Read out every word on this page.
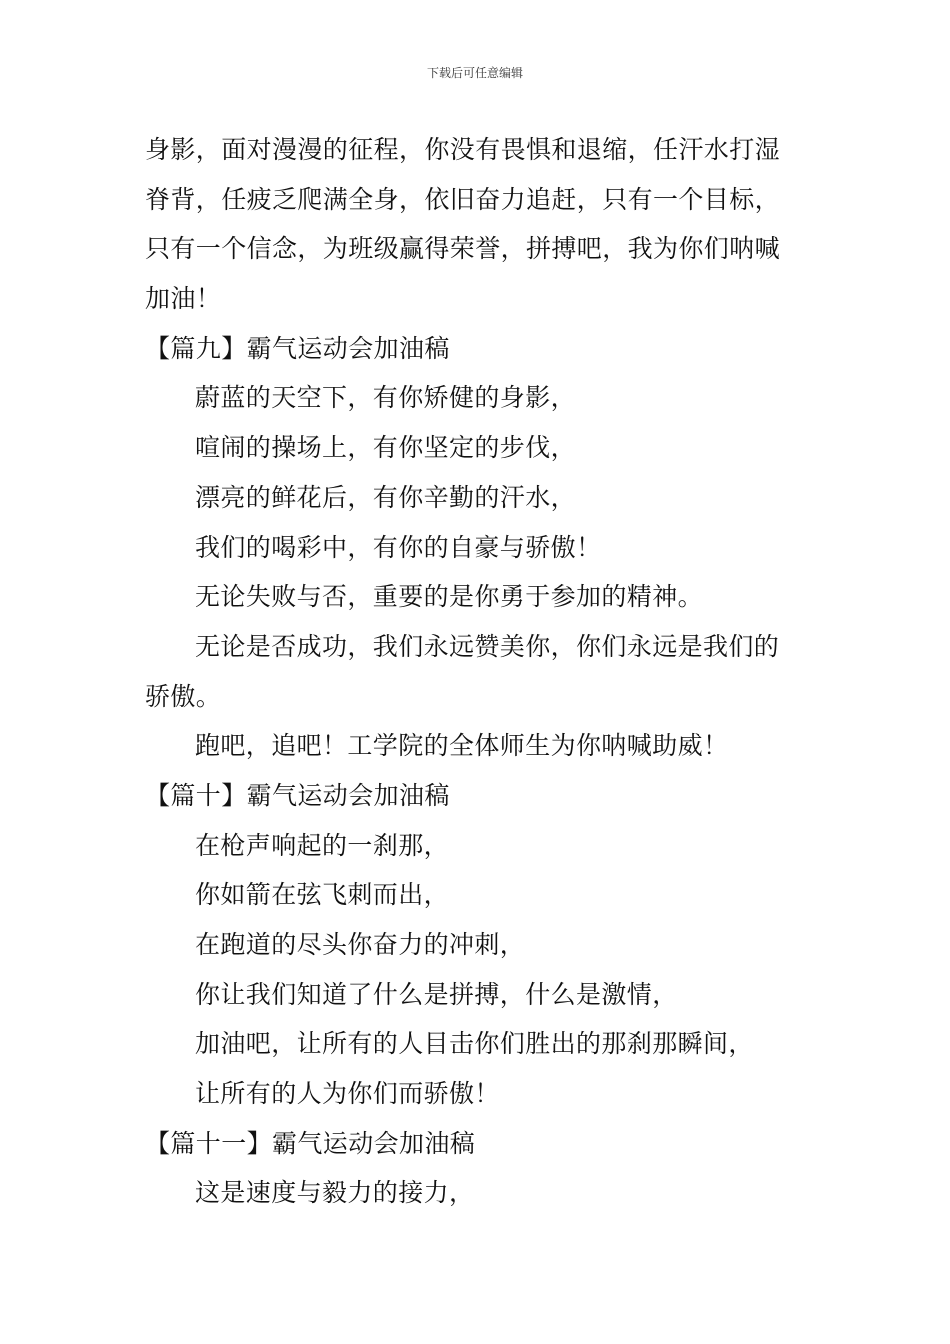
下载后可任意编辑
身影，面对漫漫的征程，你没有畏惧和退缩，任汗水打湿
脊背，任疲乏爬满全身，依旧奋力追赶，只有一个目标，
只有一个信念，为班级赢得荣誉，拼搏吧，我为你们呐喊
加油！
【篇九】霸气运动会加油稿
蔚蓝的天空下，有你矫健的身影，
喧闹的操场上，有你坚定的步伐，
漂亮的鲜花后，有你辛勤的汗水，
我们的喝彩中，有你的自豪与骄傲！
无论失败与否，重要的是你勇于参加的精神。
无论是否成功，我们永远赞美你，你们永远是我们的
骄傲。
跑吧，追吧！工学院的全体师生为你呐喊助威！
【篇十】霸气运动会加油稿
在枪声响起的一刹那，
你如箭在弦飞刺而出，
在跑道的尽头你奋力的冲刺，
你让我们知道了什么是拼搏，什么是激情，
加油吧，让所有的人目击你们胜出的那刹那瞬间，
让所有的人为你们而骄傲！
【篇十一】霸气运动会加油稿
这是速度与毅力的接力，
